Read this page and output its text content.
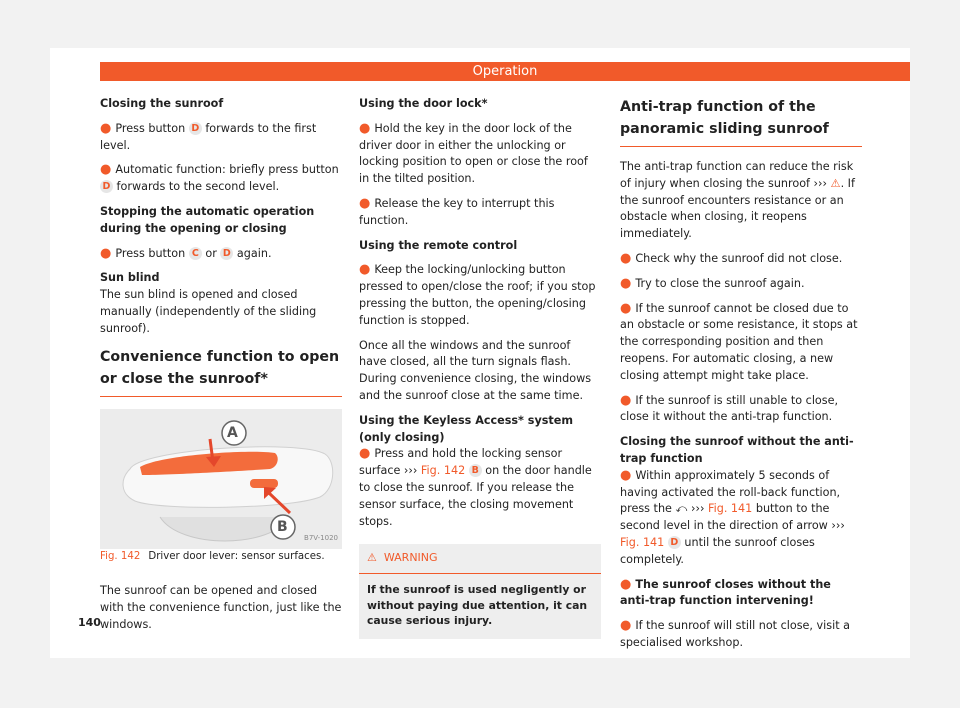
Operation

Closing the sunroof

● Press button D forwards to the first level.

● Automatic function: briefly press button D forwards to the second level.

Stopping the automatic operation during the opening or closing

● Press button C or D again.

Sun blind

The sun blind is opened and closed manually (independently of the sliding sunroof).

Convenience function to open or close the sunroof*
A
B
B7V-1020

Fig. 142 Driver door lever: sensor surfaces.

The sunroof can be opened and closed with the convenience function, just like the windows.

Using the door lock*

● Hold the key in the door lock of the driver door in either the unlocking or locking position to open or close the roof in the tilted position.

● Release the key to interrupt this function.

Using the remote control

● Keep the locking/unlocking button pressed to open/close the roof; if you stop pressing the button, the opening/closing function is stopped.

Once all the windows and the sunroof have closed, all the turn signals flash. During convenience closing, the windows and the sunroof close at the same time.

Using the Keyless Access* system (only closing)

● Press and hold the locking sensor surface ››› Fig. 142 B on the door handle to close the sunroof. If you release the sensor surface, the closing movement stops.

⚠ WARNING
If the sunroof is used negligently or without paying due attention, it can cause serious injury.
Anti-trap function of the panoramic sliding sunroof

The anti-trap function can reduce the risk of injury when closing the sunroof ››› ⚠. If the sunroof encounters resistance or an obstacle when closing, it reopens immediately.

● Check why the sunroof did not close.

● Try to close the sunroof again.

● If the sunroof cannot be closed due to an obstacle or some resistance, it stops at the corresponding position and then reopens. For automatic closing, a new closing attempt might take place.

● If the sunroof is still unable to close, close it without the anti-trap function.

Closing the sunroof without the anti-trap function

● Within approximately 5 seconds of having activated the roll-back function, press the ⤺ ››› Fig. 141 button to the second level in the direction of arrow ››› Fig. 141 D until the sunroof closes completely.

● The sunroof closes without the anti-trap function intervening!

● If the sunroof will still not close, visit a specialised workshop.

140
